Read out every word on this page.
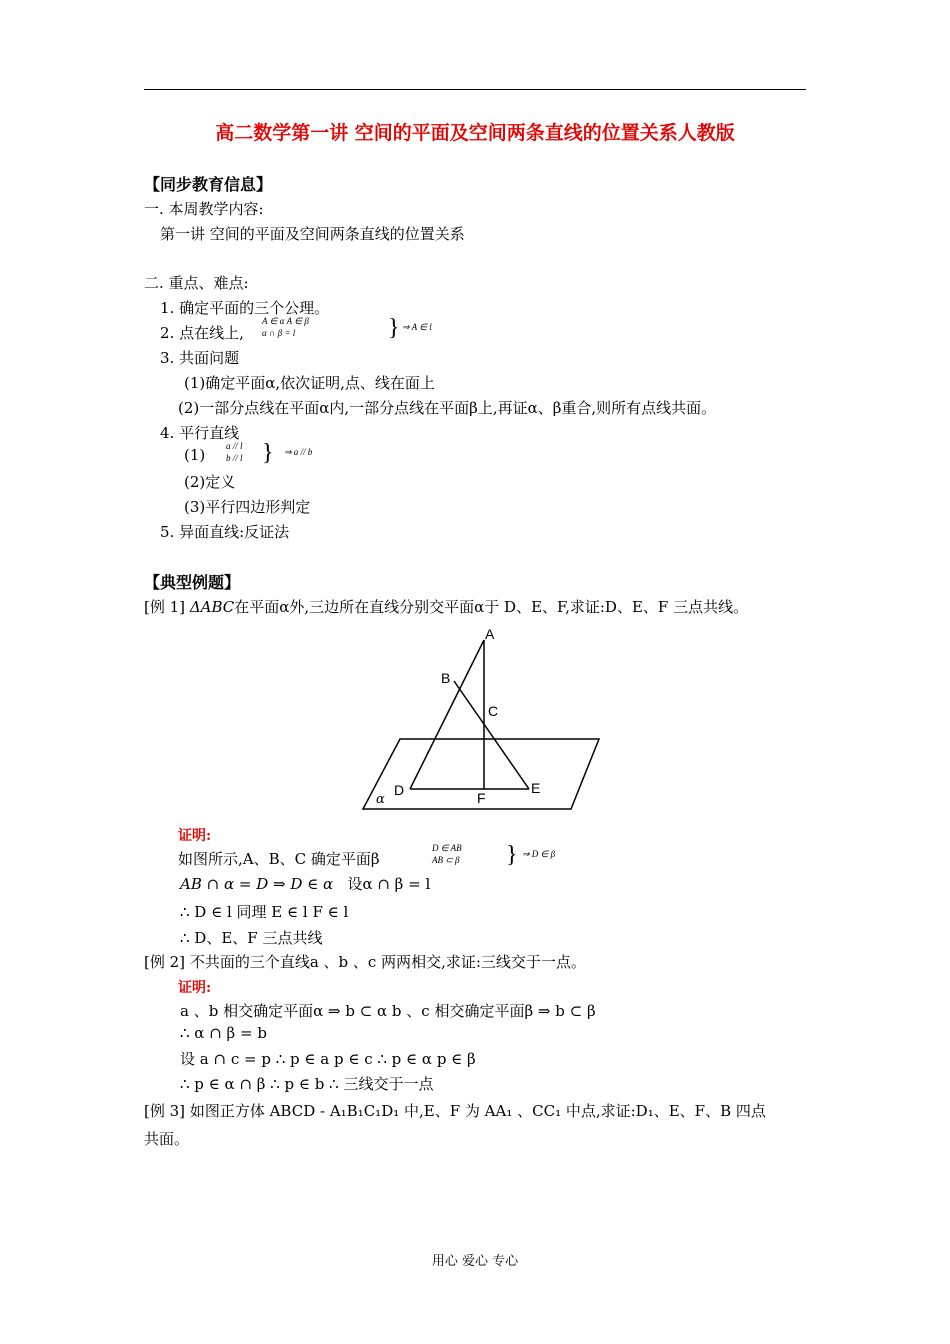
高二数学第一讲 空间的平面及空间两条直线的位置关系人教版
【同步教育信息】
一. 本周教学内容:
第一讲 空间的平面及空间两条直线的位置关系
二. 重点、难点:
1. 确定平面的三个公理。
2. 点在线上,
A ∈ α A ∈ β
α ∩ β = l	} ⇒ A ∈ l
3. 共面问题
(1)确定平面α,依次证明,点、线在面上
(2)一部分点线在平面α内,一部分点线在平面β上,再证α、β重合,则所有点线共面。
4. 平行直线
(1) a // l
b // l } ⇒ a // b
(2)定义
(3)平行四边形判定
5. 异面直线:反证法
【典型例题】
[例 1] ΔABC在平面α外,三边所在直线分别交平面α于 D、E、F,求证:D、E、F 三点共线。
A
B
C
D	E
F
α
证明:
如图所示,A、B、C 确定平面β
D ∈ AB
AB ⊂ β } ⇒ D ∈ β
AB ∩ α = D ⇒ D ∈ α 设α ∩ β = l
∴ D ∈ l 同理 E ∈ l F ∈ l
∴ D、E、F 三点共线
[例 2] 不共面的三个直线a 、b 、c 两两相交,求证:三线交于一点。
证明:
a 、b 相交确定平面α ⇒ b ⊂ α b 、c 相交确定平面β ⇒ b ⊂ β
∴ α ∩ β = b
设 a ∩ c = p ∴ p ∈ a p ∈ c ∴ p ∈ α p ∈ β
∴ p ∈ α ∩ β ∴ p ∈ b ∴ 三线交于一点
[例 3] 如图正方体 ABCD - A₁B₁C₁D₁ 中,E、F 为 AA₁ 、CC₁ 中点,求证:D₁、E、F、B 四点
共面。
用心 爱心 专心
